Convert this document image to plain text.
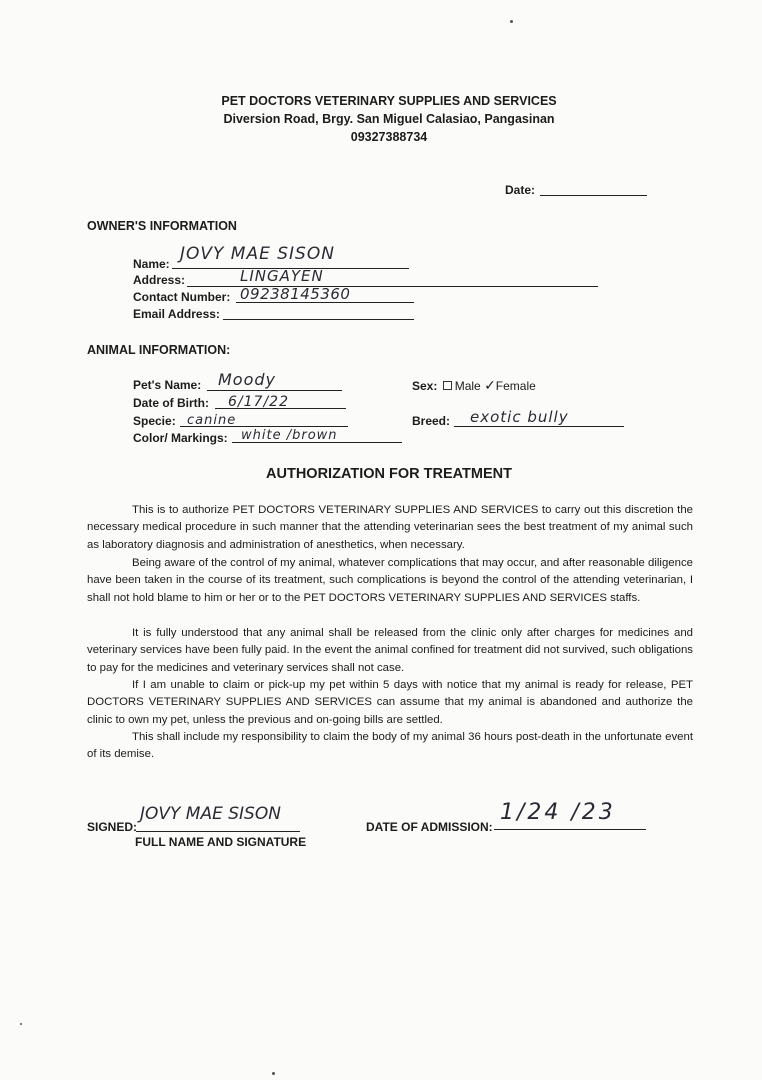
PET DOCTORS VETERINARY SUPPLIES AND SERVICES
Diversion Road, Brgy. San Miguel Calasiao, Pangasinan
09327388734
Date:
OWNER'S INFORMATION
Name: JOVY MAE SISON
Address:	LINGAYEN
Contact Number: 09238145360
Email Address:
ANIMAL INFORMATION:
Pet's Name: Moody
Date of Birth: 6/17/22
Specie: canine
Color/ Markings: white /brown
Sex: Male ✓Female
Breed: exotic bully
AUTHORIZATION FOR TREATMENT

This is to authorize PET DOCTORS VETERINARY SUPPLIES AND SERVICES to carry out this discretion the necessary medical procedure in such manner that the attending veterinarian sees the best treatment of my animal such as laboratory diagnosis and administration of anesthetics, when necessary.

Being aware of the control of my animal, whatever complications that may occur, and after reasonable diligence have been taken in the course of its treatment, such complications is beyond the control of the attending veterinarian, I shall not hold blame to him or her or to the PET DOCTORS VETERINARY SUPPLIES AND SERVICES staffs.

It is fully understood that any animal shall be released from the clinic only after charges for medicines and veterinary services have been fully paid. In the event the animal confined for treatment did not survived, such obligations to pay for the medicines and veterinary services shall not case.

If I am unable to claim or pick-up my pet within 5 days with notice that my animal is ready for release, PET DOCTORS VETERINARY SUPPLIES AND SERVICES can assume that my animal is abandoned and authorize the clinic to own my pet, unless the previous and on-going bills are settled.

This shall include my responsibility to claim the body of my animal 36 hours post-death in the unfortunate event of its demise.

SIGNED:
JOVY MAE SISON
FULL NAME AND SIGNATURE
DATE OF ADMISSION:
1/24 /23
